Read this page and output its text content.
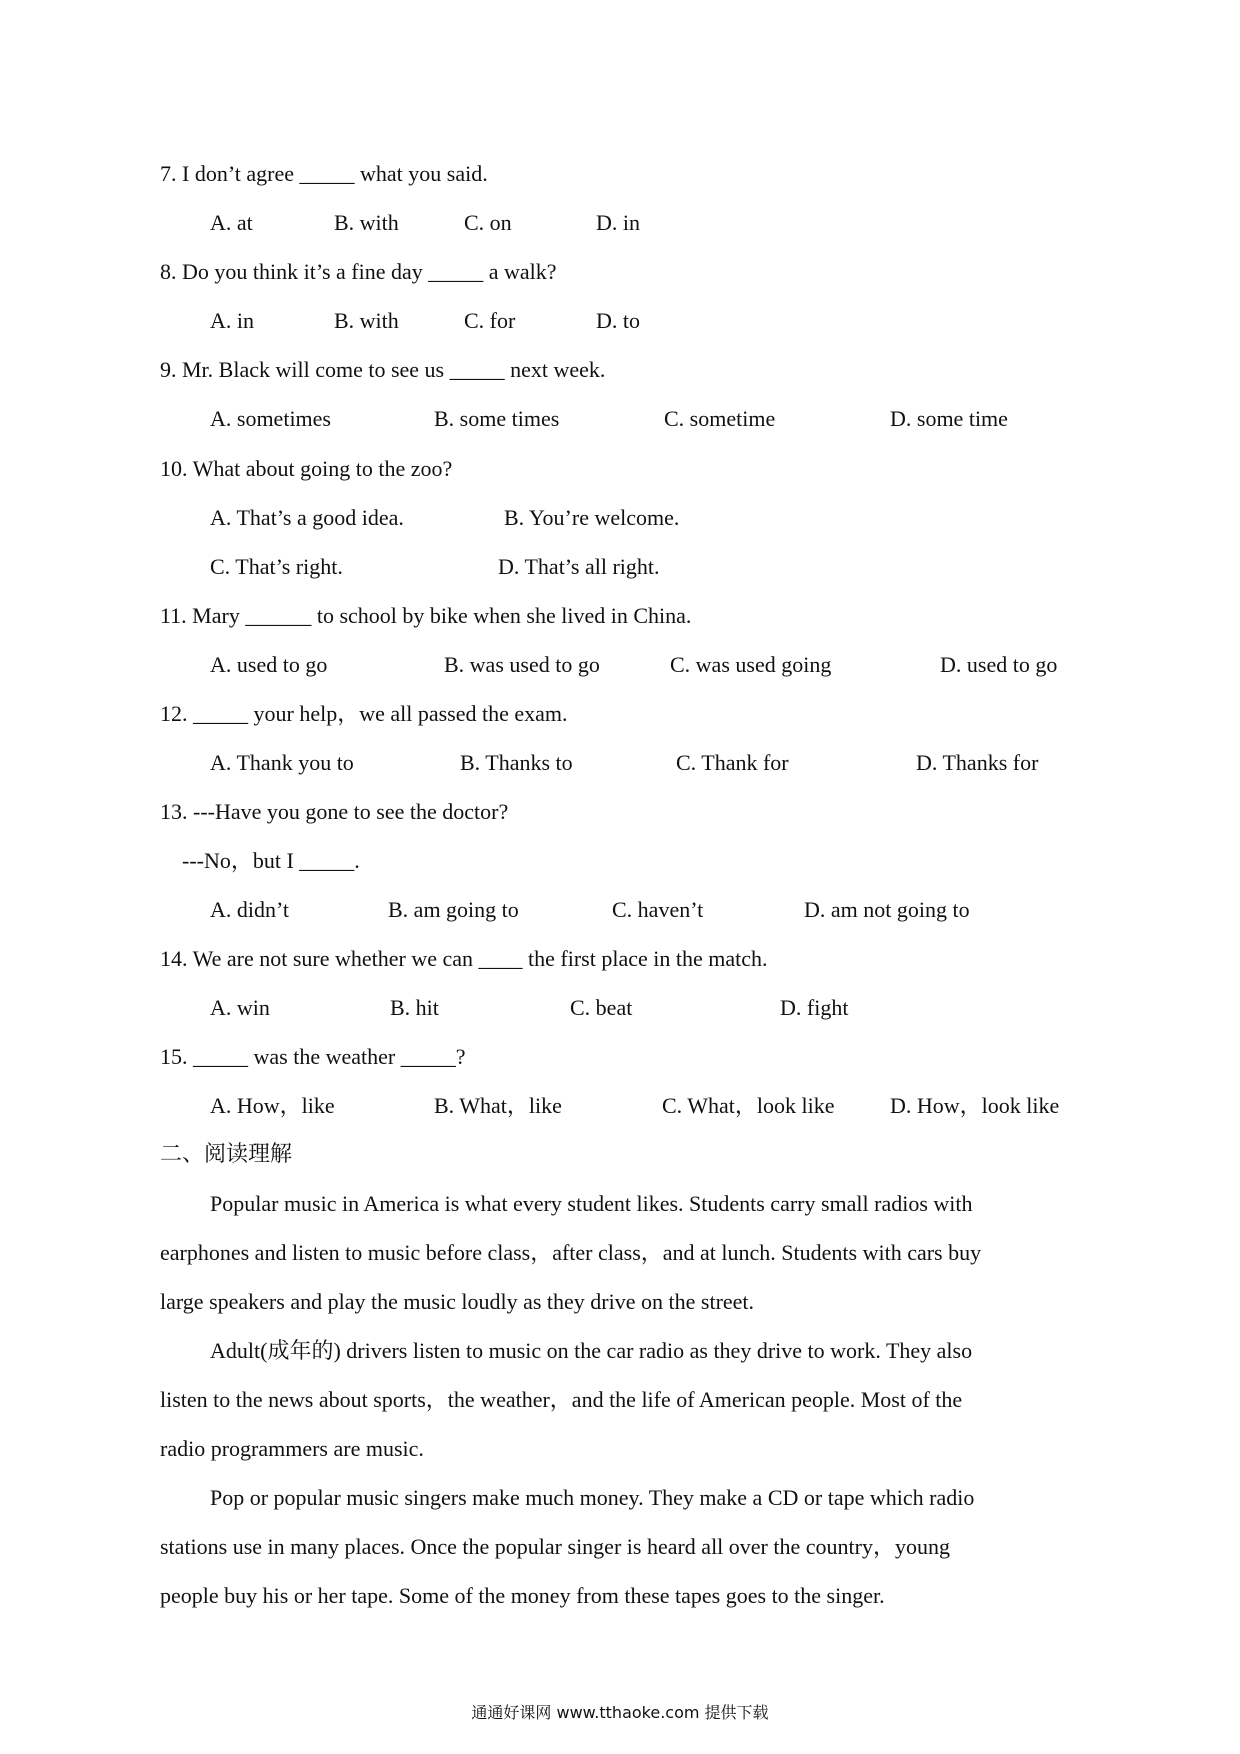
7. I don’t agree _____ what you said.
A. at	B. with	C. on	D. in
8. Do you think it’s a fine day _____ a walk?
A. in	B. with	C. for	D. to
9. Mr. Black will come to see us _____ next week.
A. sometimes	B. some times	C. sometime	D. some time
10. What about going to the zoo?
A. That’s a good idea.	B. You’re welcome.
C. That’s right.	D. That’s all right.
11. Mary ______ to school by bike when she lived in China.
A. used to go	B. was used to go	C. was used going	D. used to go
12. _____ your help，we all passed the exam.
A. Thank you to	B. Thanks to	C. Thank for	D. Thanks for
13. ---Have you gone to see the doctor?
---No，but I _____.
A. didn’t	B. am going to	C. haven’t	D. am not going to
14. We are not sure whether we can ____ the first place in the match.
A. win	B. hit	C. beat	D. fight
15. _____ was the weather _____?
A. How，like	B. What，like	C. What，look like	D. How，look like
二、阅读理解
Popular music in America is what every student likes. Students carry small radios with
earphones and listen to music before class，after class，and at lunch. Students with cars buy
large speakers and play the music loudly as they drive on the street.
Adult(成年的) drivers listen to music on the car radio as they drive to work. They also
listen to the news about sports，the weather，and the life of American people. Most of the
radio programmers are music.
Pop or popular music singers make much money. They make a CD or tape which radio
stations use in many places. Once the popular singer is heard all over the country，young
people buy his or her tape. Some of the money from these tapes goes to the singer.
通通好课网 www.tthaoke.com 提供下载
